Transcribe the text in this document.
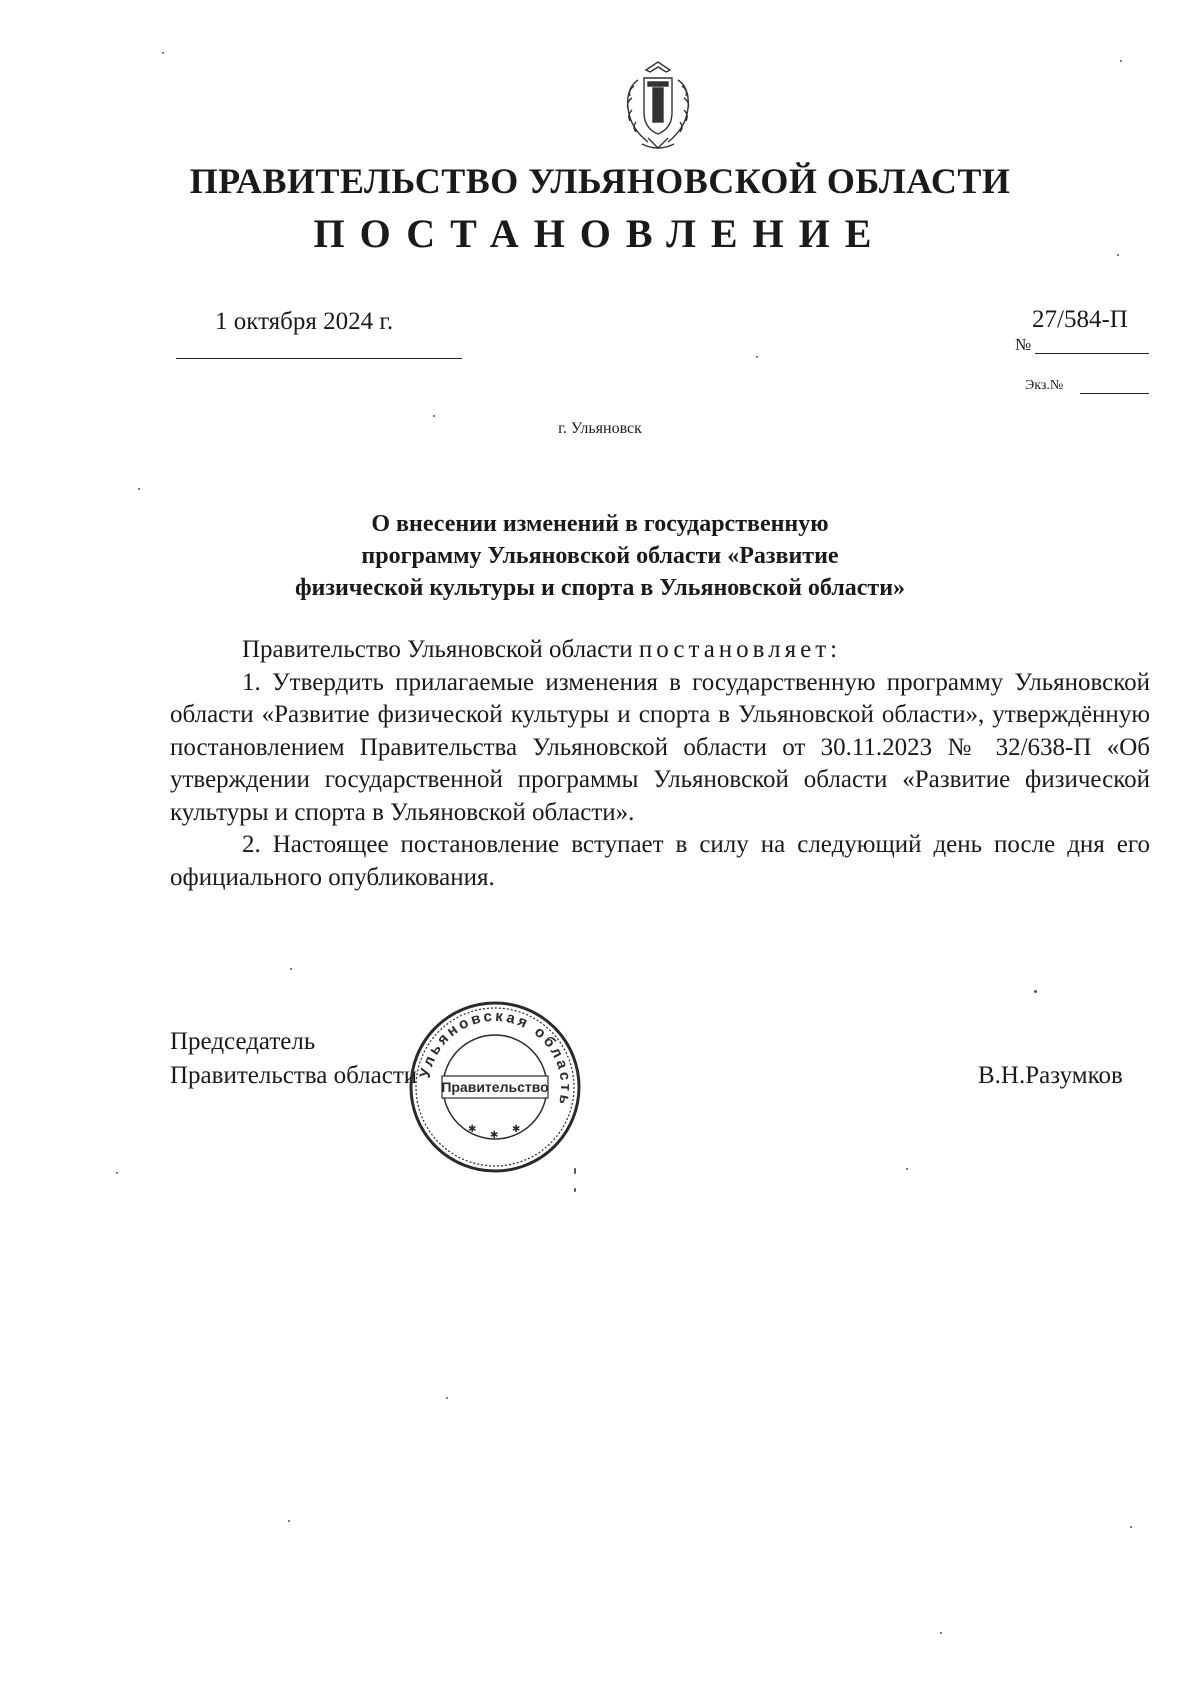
ПРАВИТЕЛЬСТВО УЛЬЯНОВСКОЙ ОБЛАСТИ
ПОСТАНОВЛЕНИЕ
1 октября 2024 г.
№
27/584-П
Экз.№
г. Ульяновск
О внесении изменений в государственную
программу Ульяновской области «Развитие
физической культуры и спорта в Ульяновской области»

Правительство Ульяновской области постановляет:

1. Утвердить прилагаемые изменения в государственную программу Ульяновской области «Развитие физической культуры и спорта в Ульяновской области», утверждённую постановлением Правительства Ульяновской области от 30.11.2023 № 32/638-П «Об утверждении государственной программы Ульяновской области «Развитие физической культуры и спорта в Ульяновской области».

2. Настоящее постановление вступает в силу на следующий день после дня его официального опубликования.

Председатель
Правительства области	В.Н.Разумков
Ульяновская область
Правительство
✱
✱
✱
